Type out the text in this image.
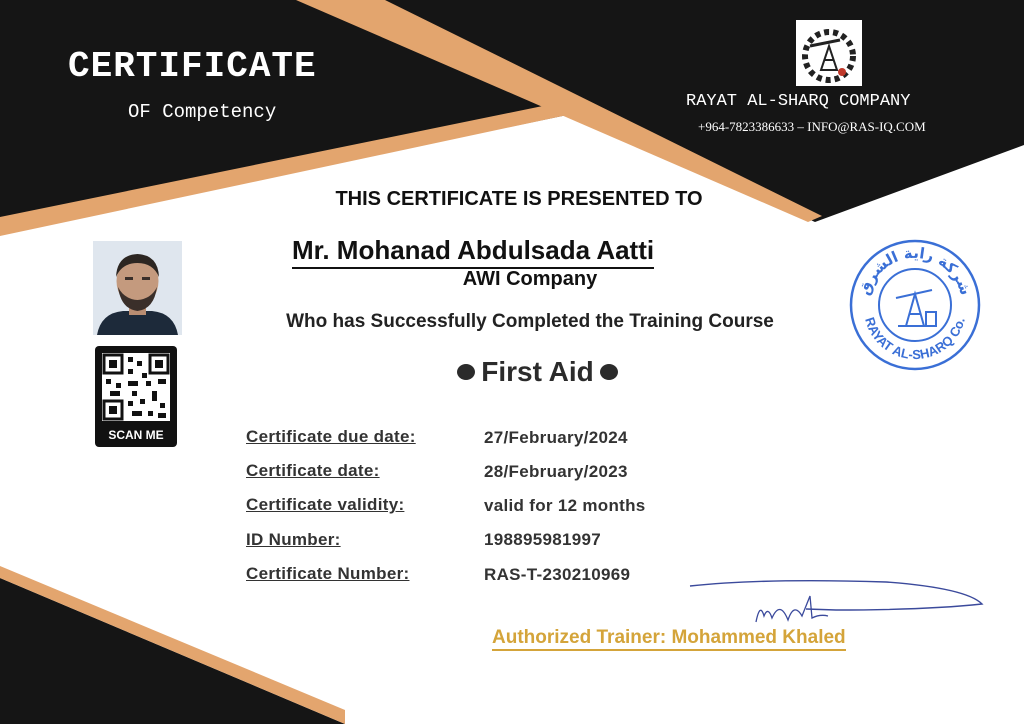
CERTIFICATE
OF Competency	RAYAT AL-SHARQ COMPANY
+964-7823386633 – INFO@RAS-IQ.COM
THIS CERTIFICATE IS PRESENTED TO
Mr. Mohanad Abdulsada Aatti
AWI Company
Who has Successfully Completed the Training Course
First Aid
SCAN ME	Certificate due date:	27/February/2024
Certificate date:	28/February/2023
Certificate validity:	valid for 12 months
ID Number:	198895981997
Certificate Number:	RAS-T-230210969
شركة راية الشرق
RAYAT AL-SHARQ Co.
Authorized Trainer: Mohammed Khaled
